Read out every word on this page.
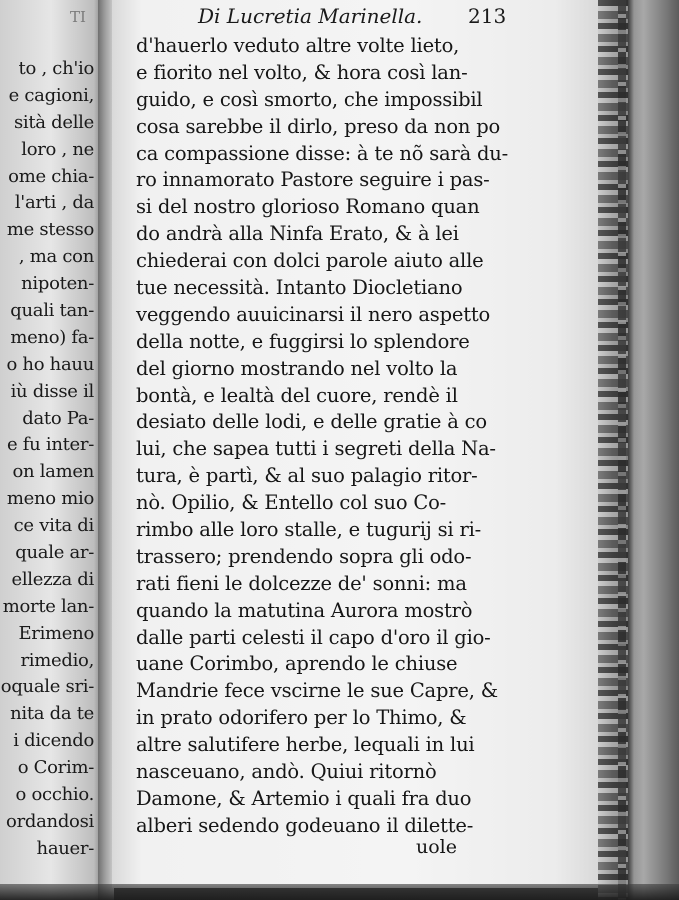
TI
to , ch'io
e cagioni,
sità delle
loro , ne
ome chia-
l'arti , da
me stesso
, ma con
nipoten-
quali tan-
meno) fa-
o ho hauu
iù disse il
dato Pa-
e fu inter-
on lamen
meno mio
ce vita di
quale ar-
ellezza di
morte lan-
Erimeno
rimedio,
oquale sri-
nita da te
i dicendo
o Corim-
o occhio.
ordandosi
hauer-
Di Lucretia Marinella. 213
d'hauerlo veduto altre volte lieto,
e fiorito nel volto, & hora così lan-
guido, e così smorto, che impossibil
cosa sarebbe il dirlo, preso da non po
ca compassione disse: à te nõ sarà du-
ro innamorato Pastore seguire i pas-
si del nostro glorioso Romano quan
do andrà alla Ninfa Erato, & à lei
chiederai con dolci parole aiuto alle
tue necessità. Intanto Diocletiano
veggendo auuicinarsi il nero aspetto
della notte, e fuggirsi lo splendore
del giorno mostrando nel volto la
bontà, e lealtà del cuore, rendè il
desiato delle lodi, e delle gratie à co
lui, che sapea tutti i segreti della Na-
tura, è partì, & al suo palagio ritor-
nò. Opilio, & Entello col suo Co-
rimbo alle loro stalle, e tugurij si ri-
trassero; prendendo sopra gli odo-
rati fieni le dolcezze de' sonni: ma
quando la matutina Aurora mostrò
dalle parti celesti il capo d'oro il gio-
uane Corimbo, aprendo le chiuse
Mandrie fece vscirne le sue Capre, &
in prato odorifero per lo Thimo, &
altre salutifere herbe, lequali in lui
nasceuano, andò. Quiui ritornò
Damone, & Artemio i quali fra duo
alberi sedendo godeuano il dilette-
uole
